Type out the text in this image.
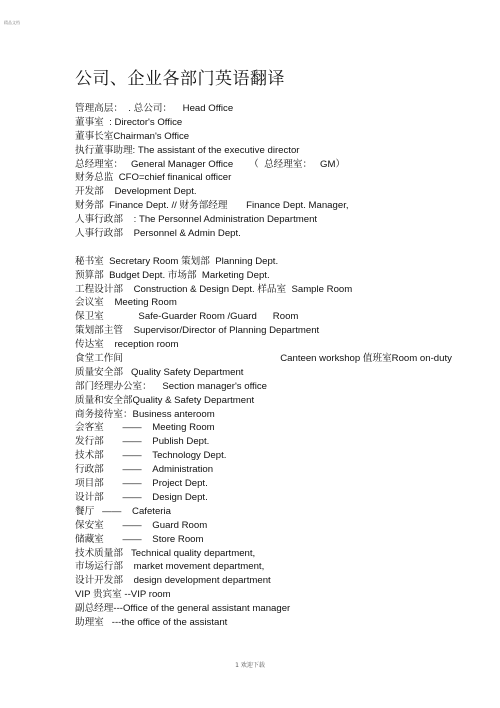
精品文档
公司、企业各部门英语翻译
管理高层：  . 总公司：    Head Office
董事室  : Director's Office
董事长室Chairman's Office
执行董事助理: The assistant of the executive director
总经理室：   General Manager Office      （  总经理室：   GM）
财务总监  CFO=chief finanical officer
开发部    Development Dept.
财务部  Finance Dept. // 财务部经理       Finance Dept. Manager,
人事行政部    : The Personnel Administration Department
人事行政部    Personnel & Admin Dept.
秘书室  Secretary Room 策划部  Planning Dept.
预算部  Budget Dept. 市场部  Marketing Dept.
工程设计部    Construction & Design Dept. 样品室  Sample Room
会议室    Meeting Room
保卫室             Safe-Guarder Room /Guard      Room
策划部主管    Supervisor/Director of Planning Department
传达室    reception room
食堂工作间                                                           Canteen workshop 值班室Room on-duty
质量安全部   Quality Safety Department
部门经理办公室：    Section manager's office
质量和安全部Quality & Safety Department
商务接待室：Business anteroom
会客室       ——    Meeting Room
发行部       ——    Publish Dept.
技术部       ——    Technology Dept.
行政部       ——    Administration
项目部       ——    Project Dept.
设计部       ——    Design Dept.
餐厅   ——    Cafeteria
保安室       ——    Guard Room
储藏室       ——    Store Room
技术质量部   Technical quality department,
市场运行部    market movement department,
设计开发部    design development department
VIP 贵宾室 --VIP room
副总经理---Office of the general assistant manager
助理室   ---the office of the assistant
1 欢迎下载
